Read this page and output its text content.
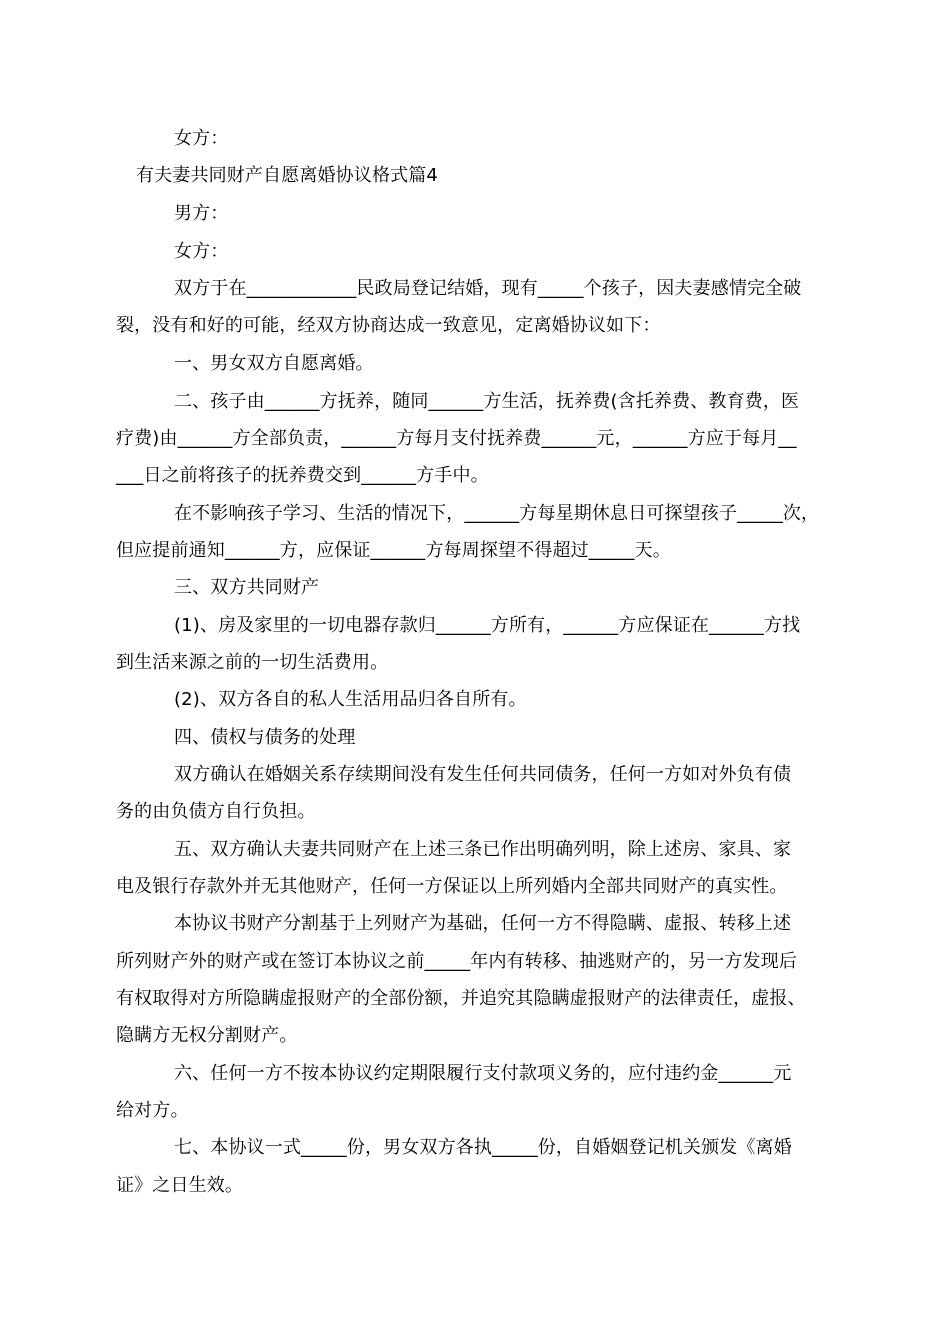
女方：
有夫妻共同财产自愿离婚协议格式篇4
男方：
女方：
双方于在____________民政局登记结婚，现有_____个孩子，因夫妻感情完全破
裂，没有和好的可能，经双方协商达成一致意见，定离婚协议如下：
一、男女双方自愿离婚。
二、孩子由______方抚养，随同______方生活，抚养费(含托养费、教育费，医
疗费)由______方全部负责，______方每月支付抚养费______元，______方应于每月__
___日之前将孩子的抚养费交到______方手中。
在不影响孩子学习、生活的情况下，______方每星期休息日可探望孩子_____次，
但应提前通知______方，应保证______方每周探望不得超过_____天。
三、双方共同财产
(1)、房及家里的一切电器存款归______方所有，______方应保证在______方找
到生活来源之前的一切生活费用。
(2)、双方各自的私人生活用品归各自所有。
四、债权与债务的处理
双方确认在婚姻关系存续期间没有发生任何共同债务，任何一方如对外负有债
务的由负债方自行负担。
五、双方确认夫妻共同财产在上述三条已作出明确列明，除上述房、家具、家
电及银行存款外并无其他财产，任何一方保证以上所列婚内全部共同财产的真实性。
本协议书财产分割基于上列财产为基础，任何一方不得隐瞒、虚报、转移上述
所列财产外的财产或在签订本协议之前_____年内有转移、抽逃财产的，另一方发现后
有权取得对方所隐瞒虚报财产的全部份额，并追究其隐瞒虚报财产的法律责任，虚报、
隐瞒方无权分割财产。
六、任何一方不按本协议约定期限履行支付款项义务的，应付违约金______元
给对方。
七、本协议一式_____份，男女双方各执_____份，自婚姻登记机关颁发《离婚
证》之日生效。
